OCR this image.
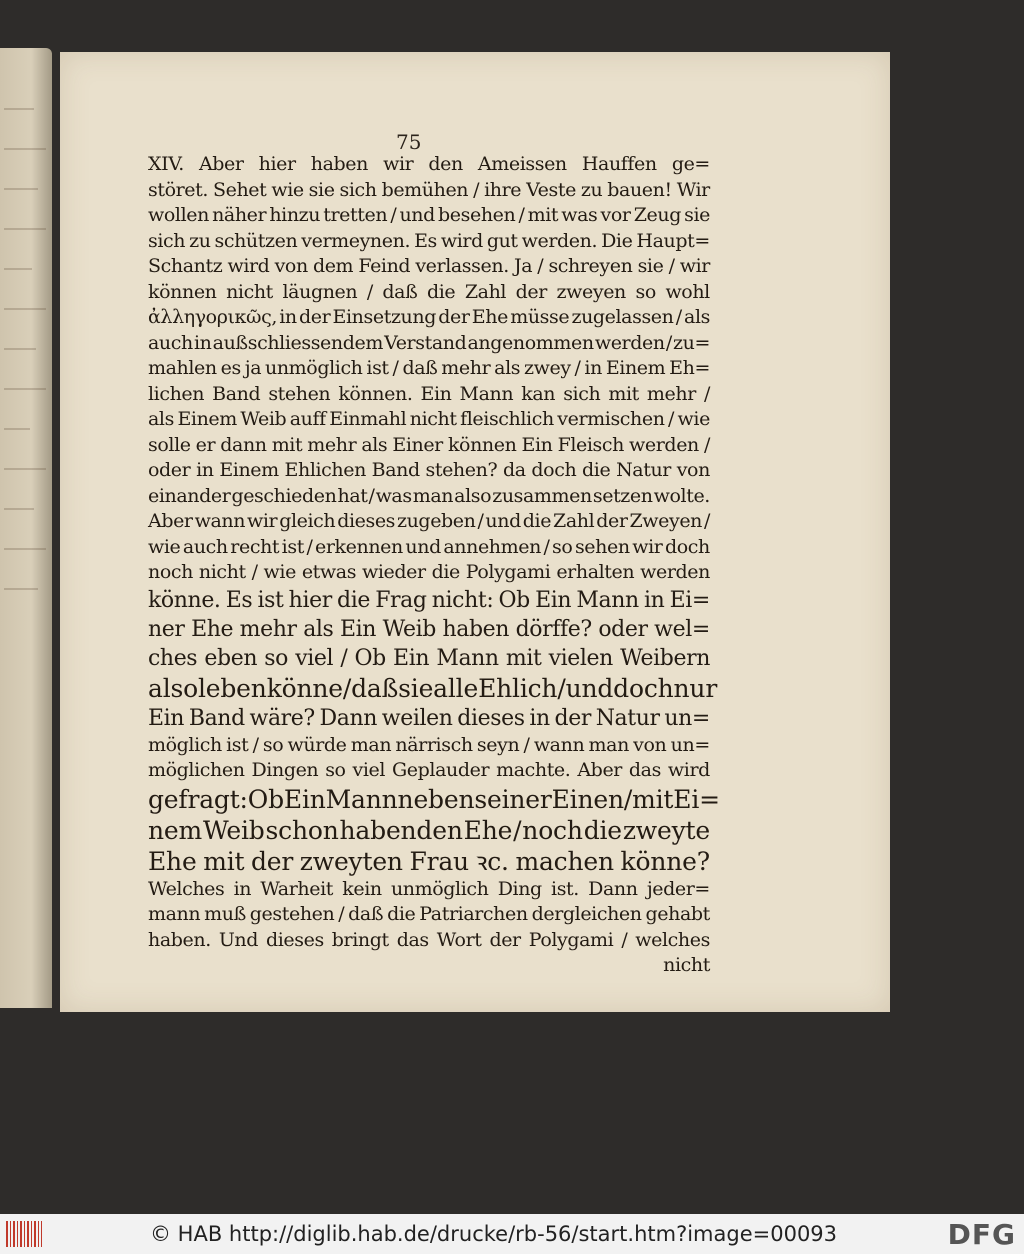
75
XIV. Aber hier haben wir den Ameissen Hauffen ge=
störet. Sehet wie sie sich bemühen / ihre Veste zu bauen! Wir
wollen näher hinzu tretten / und besehen / mit was vor Zeug sie
sich zu schützen vermeynen. Es wird gut werden. Die Haupt=
Schantz wird von dem Feind verlassen. Ja / schreyen sie / wir
können nicht läugnen / daß die Zahl der zweyen so wohl
ἀλληγορικῶς, in der Einsetzung der Ehe müsse zugelassen / als
auch in außschliessendem Verstand angenommen werden / zu=
mahlen es ja unmöglich ist / daß mehr als zwey / in Einem Eh=
lichen Band stehen können. Ein Mann kan sich mit mehr /
als Einem Weib auff Einmahl nicht fleischlich vermischen / wie
solle er dann mit mehr als Einer können Ein Fleisch werden /
oder in Einem Ehlichen Band stehen? da doch die Natur von
einander geschieden hat / was man also zusammen setzen wolte.
Aber wann wir gleich dieses zugeben / und die Zahl der Zweyen /
wie auch recht ist / erkennen und annehmen / so sehen wir doch
noch nicht / wie etwas wieder die Polygami erhalten werden
könne. Es ist hier die Frag nicht: Ob Ein Mann in Ei=
ner Ehe mehr als Ein Weib haben dörffe? oder wel=
ches eben so viel / Ob Ein Mann mit vielen Weibern
also leben könne / daß sie alle Ehlich / und doch nur
Ein Band wäre? Dann weilen dieses in der Natur un=
möglich ist / so würde man närrisch seyn / wann man von un=
möglichen Dingen so viel Geplauder machte. Aber das wird
gefragt: Ob Ein Mann neben seiner Einen / mit Ei=
nem Weib schon habenden Ehe / noch die zweyte
Ehe mit der zweyten Frau ꝛc. machen könne?
Welches in Warheit kein unmöglich Ding ist. Dann jeder=
mann muß gestehen / daß die Patriarchen dergleichen gehabt
haben. Und dieses bringt das Wort der Polygami / welches
nicht
© HAB http://diglib.hab.de/drucke/rb-56/start.htm?image=00093	DFG
